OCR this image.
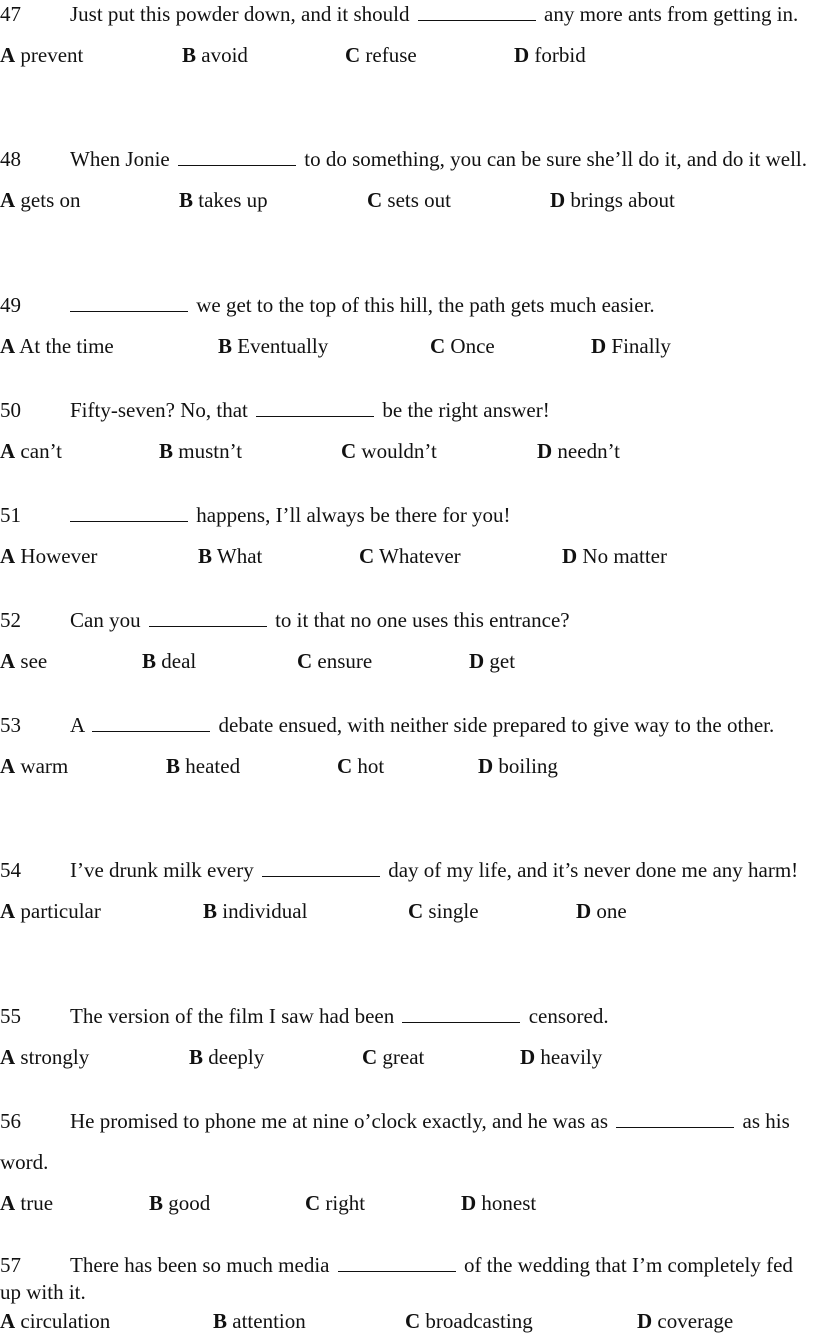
47 Just put this powder down, and it should	any more ants from getting in.

A prevent	B avoid	C refuse	D forbid

48 When Jonie	to do something, you can be sure she’ll do it, and do it well.

A gets on	B takes up	C sets out	D brings about

49	we get to the top of this hill, the path gets much easier.

A At the time	B Eventually	C Once	D Finally

50 Fifty-seven? No, that	be the right answer!

A can’t	B mustn’t	C wouldn’t	D needn’t

51	happens, I’ll always be there for you!

A However	B What	C Whatever	D No matter

52 Can you	to it that no one uses this entrance?

A see	B deal	C ensure	D get

53 A	debate ensued, with neither side prepared to give way to the other.

A warm	B heated	C hot	D boiling

54 I’ve drunk milk every	day of my life, and it’s never done me any harm!

A particular	B individual	C single	D one

55 The version of the film I saw had been	censored.

A strongly	B deeply	C great	D heavily

56 He promised to phone me at nine o’clock exactly, and he was as	as his word.

A true	B good	C right	D honest

57 There has been so much media	of the wedding that I’m completely fed up with it.

A circulation	B attention	C broadcasting	D coverage
